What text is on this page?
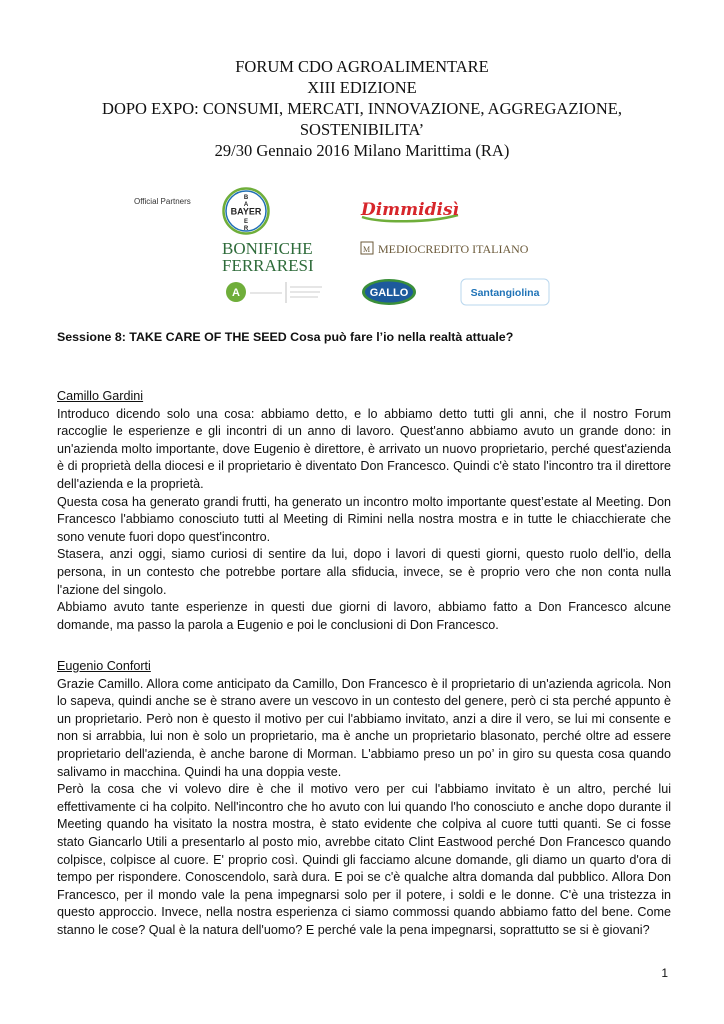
FORUM CDO AGROALIMENTARE
XIII EDIZIONE
DOPO EXPO: CONSUMI, MERCATI, INNOVAZIONE, AGGREGAZIONE,
SOSTENIBILITA’
29/30 Gennaio 2016 Milano Marittima (RA)
Official Partners
BAYER
B
A
E
R
Dimmidisì
BONIFICHE
FERRARESI
M MEDIOCREDITO ITALIANO
A	GALLO	Santangiolina
Sessione 8: TAKE CARE OF THE SEED Cosa può fare l’io nella realtà attuale?

Camillo Gardini

Introduco dicendo solo una cosa: abbiamo detto, e lo abbiamo detto tutti gli anni, che il nostro Forum raccoglie le esperienze e gli incontri di un anno di lavoro. Quest'anno abbiamo avuto un grande dono: in un'azienda molto importante, dove Eugenio è direttore, è arrivato un nuovo proprietario, perché quest'azienda è di proprietà della diocesi e il proprietario è diventato Don Francesco. Quindi c'è stato l'incontro tra il direttore dell'azienda e la proprietà.

Questa cosa ha generato grandi frutti, ha generato un incontro molto importante quest’estate al Meeting. Don Francesco l'abbiamo conosciuto tutti al Meeting di Rimini nella nostra mostra e in tutte le chiacchierate che sono venute fuori dopo quest'incontro.

Stasera, anzi oggi, siamo curiosi di sentire da lui, dopo i lavori di questi giorni, questo ruolo dell'io, della persona, in un contesto che potrebbe portare alla sfiducia, invece, se è proprio vero che non conta nulla l'azione del singolo.

Abbiamo avuto tante esperienze in questi due giorni di lavoro, abbiamo fatto a Don Francesco alcune domande, ma passo la parola a Eugenio e poi le conclusioni di Don Francesco.

Eugenio Conforti

Grazie Camillo. Allora come anticipato da Camillo, Don Francesco è il proprietario di un'azienda agricola. Non lo sapeva, quindi anche se è strano avere un vescovo in un contesto del genere, però ci sta perché appunto è un proprietario. Però non è questo il motivo per cui l'abbiamo invitato, anzi a dire il vero, se lui mi consente e non si arrabbia, lui non è solo un proprietario, ma è anche un proprietario blasonato, perché oltre ad essere proprietario dell'azienda, è anche barone di Morman. L'abbiamo preso un po’ in giro su questa cosa quando salivamo in macchina. Quindi ha una doppia veste.

Però la cosa che vi volevo dire è che il motivo vero per cui l'abbiamo invitato è un altro, perché lui effettivamente ci ha colpito. Nell'incontro che ho avuto con lui quando l'ho conosciuto e anche dopo durante il Meeting quando ha visitato la nostra mostra, è stato evidente che colpiva al cuore tutti quanti. Se ci fosse stato Giancarlo Utili a presentarlo al posto mio, avrebbe citato Clint Eastwood perché Don Francesco quando colpisce, colpisce al cuore. E' proprio così. Quindi gli facciamo alcune domande, gli diamo un quarto d'ora di tempo per rispondere. Conoscendolo, sarà dura. E poi se c'è qualche altra domanda dal pubblico. Allora Don Francesco, per il mondo vale la pena impegnarsi solo per il potere, i soldi e le donne. C'è una tristezza in questo approccio. Invece, nella nostra esperienza ci siamo commossi quando abbiamo fatto del bene. Come stanno le cose? Qual è la natura dell'uomo? E perché vale la pena impegnarsi, soprattutto se si è giovani?

1
